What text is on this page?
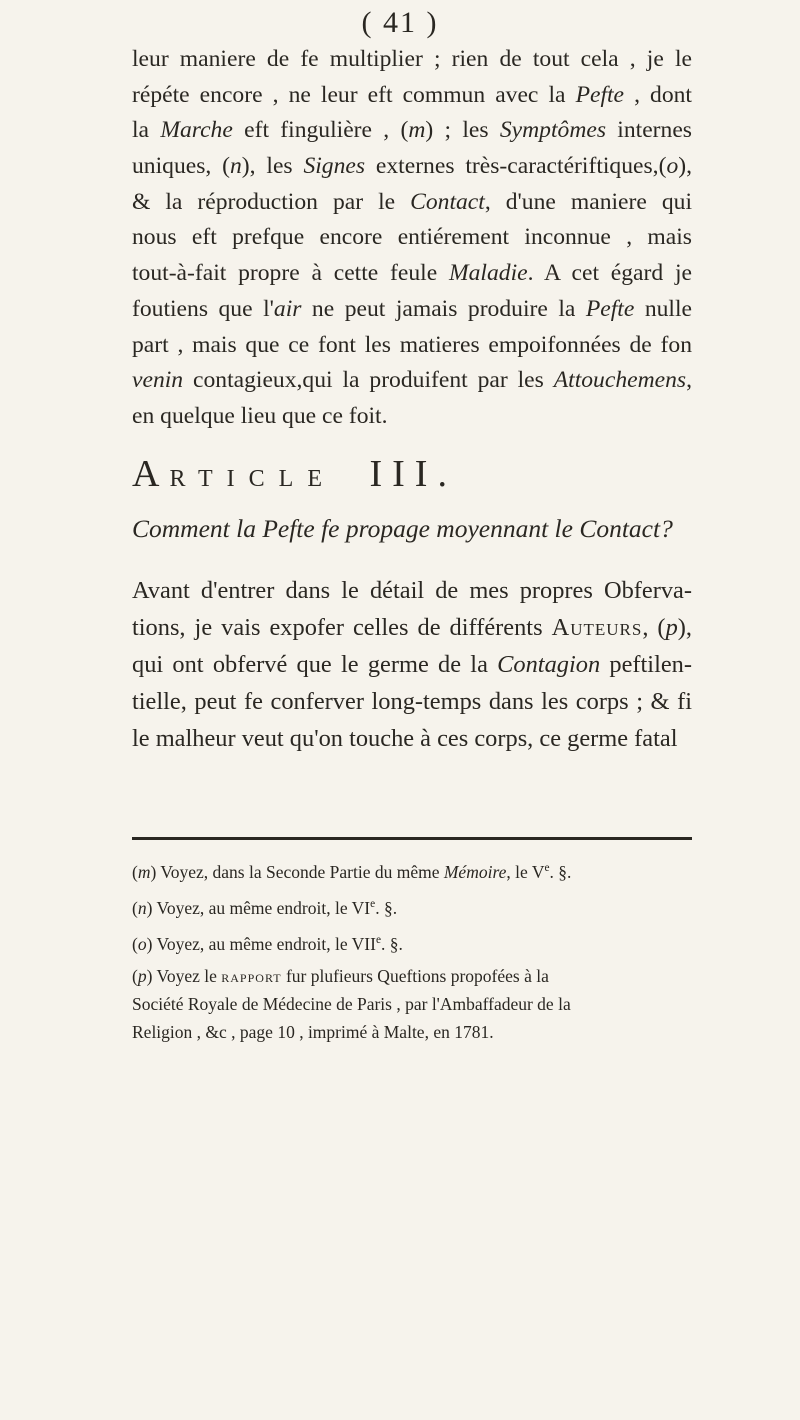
( 41 )
leur maniere de fe multiplier ; rien de tout cela , je le
répéte encore , ne leur eft commun avec la Pefte , dont
la Marche eft fingulière , (m) ; les Symptômes internes
uniques, (n), les Signes externes très-caractériftiques,(o),
& la réproduction par le Contact, d'une maniere qui
nous eft prefque encore entiérement inconnue , mais
tout-à-fait propre à cette feule Maladie. A cet égard je
foutiens que l'air ne peut jamais produire la Pefte nulle
part , mais que ce font les matieres empoifonnées de fon
venin contagieux,qui la produifent par les Attouchemens,
en quelque lieu que ce foit.
ARTICLE III.
Comment la Pefte fe propage moyennant le Contact?
Avant d'entrer dans le détail de mes propres Obferva-
tions, je vais expofer celles de différents Auteurs, (p),
qui ont obfervé que le germe de la Contagion peftilen-
tielle, peut fe conferver long-temps dans les corps ; & fi
le malheur veut qu'on touche à ces corps, ce germe fatal
(m) Voyez, dans la Seconde Partie du même Mémoire, le Ve. §.
(n) Voyez, au même endroit, le VIe. §.
(o) Voyez, au même endroit, le VIIe. §.
(p) Voyez le rapport fur plufieurs Queftions propofées à la
Société Royale de Médecine de Paris , par l'Ambaffadeur de la
Religion , &c , page 10 , imprimé à Malte, en 1781.
